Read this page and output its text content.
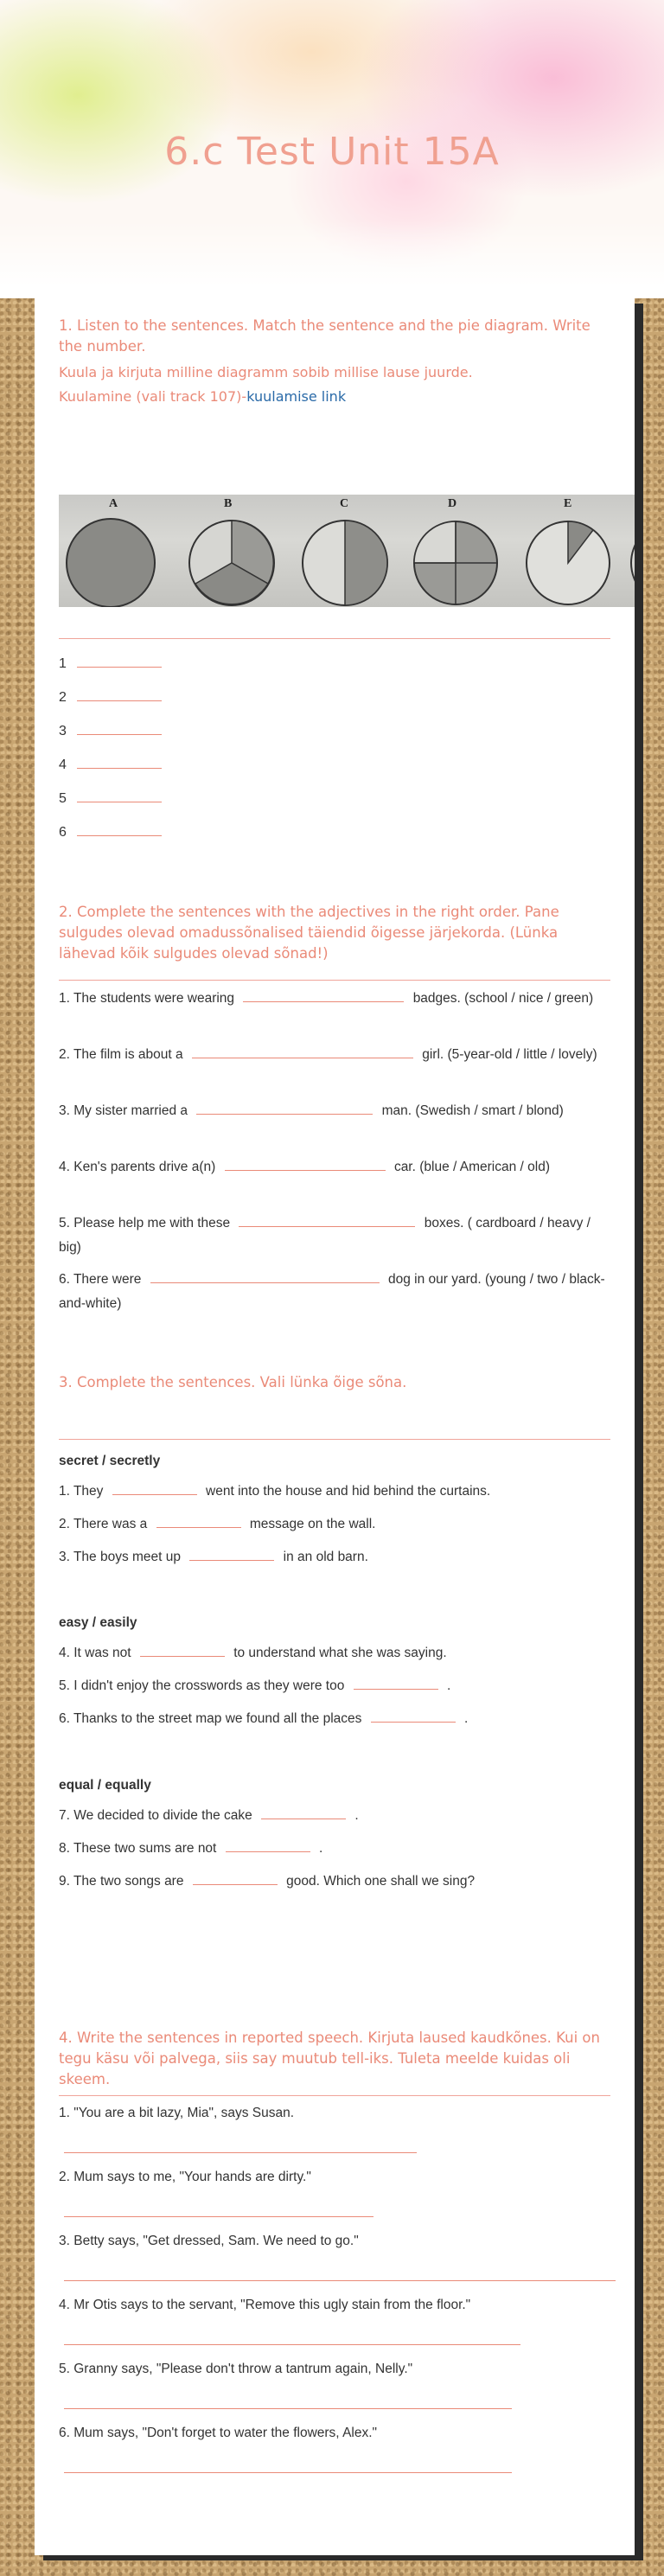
6.c Test Unit 15A
1. Listen to the sentences. Match the sentence and the pie diagram. Write the number.
Kuula ja kirjuta milline diagramm sobib millise lause juurde.
Kuulamine (vali track 107)-kuulamise link
A	B	C	D	E
1
2
3
4
5
6
2. Complete the sentences with the adjectives in the right order. Pane sulgudes olevad omadussõnalised täiendid õigesse järjekorda. (Lünka lähevad kõik sulgudes olevad sõnad!)
1. The students were wearing	badges. (school / nice / green)
2. The film is about a	girl. (5-year-old / little / lovely)
3. My sister married a	man. (Swedish / smart / blond)
4. Ken's parents drive a(n)	car. (blue / American / old)
5. Please help me with these	boxes. ( cardboard / heavy / big)
6. There were	dog in our yard. (young / two / black-and-white)
3. Complete the sentences. Vali lünka õige sõna.
secret / secretly
1. They	went into the house and hid behind the curtains.
2. There was a	message on the wall.
3. The boys meet up	in an old barn.
easy / easily
4. It was not	to understand what she was saying.
5. I didn't enjoy the crosswords as they were too	.
6. Thanks to the street map we found all the places	.
equal / equally
7. We decided to divide the cake	.
8. These two sums are not	.
9. The two songs are	good. Which one shall we sing?
4. Write the sentences in reported speech. Kirjuta laused kaudkõnes. Kui on tegu käsu või palvega, siis say muutub tell-iks. Tuleta meelde kuidas oli skeem.
1. "You are a bit lazy, Mia", says Susan.
2. Mum says to me, "Your hands are dirty."
3. Betty says, "Get dressed, Sam. We need to go."
4. Mr Otis says to the servant, "Remove this ugly stain from the floor."
5. Granny says, "Please don't throw a tantrum again, Nelly."
6. Mum says, "Don't forget to water the flowers, Alex."
